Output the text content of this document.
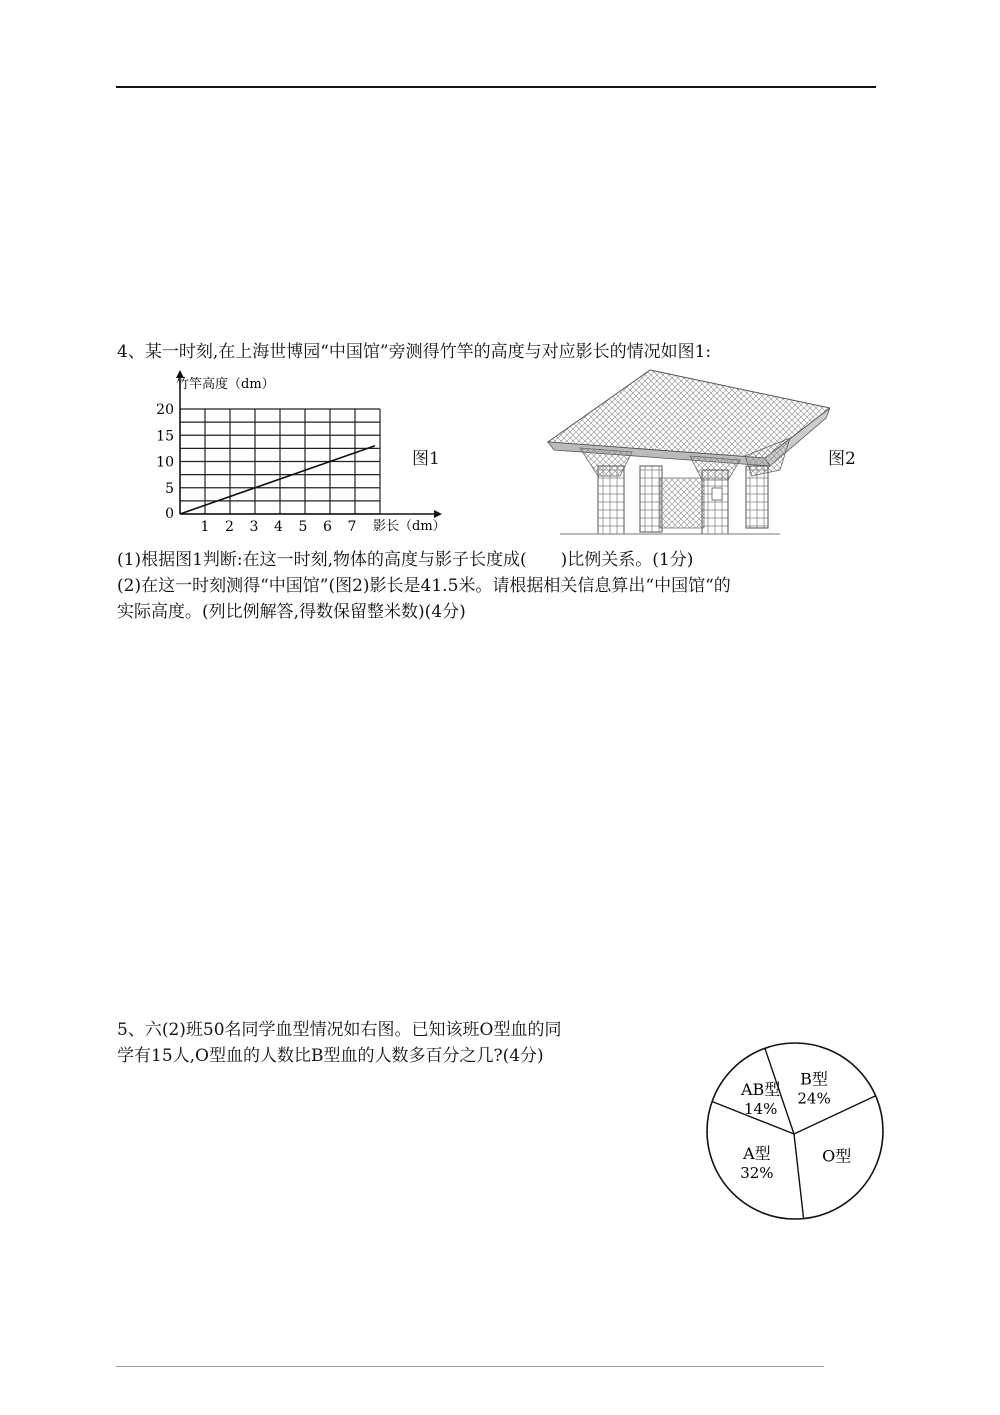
4、某一时刻,在上海世博园“中国馆”旁测得竹竿的高度与对应影长的情况如图1:
1 2 3 4 5 6 7
5
10
15
20
0
竹竿高度（dm）
影长（dm）
图1	图2
(1)根据图1判断:在这一时刻,物体的高度与影子长度成(　　)比例关系。(1分)
(2)在这一时刻测得“中国馆”(图2)影长是41.5米。请根据相关信息算出“中国馆“的
实际高度。(列比例解答,得数保留整米数)(4分)
5、六(2)班50名同学血型情况如右图。已知该班O型血的同
学有15人,O型血的人数比B型血的人数多百分之几?(4分)
B型
24%
O型
A型
32%
AB型
14%
